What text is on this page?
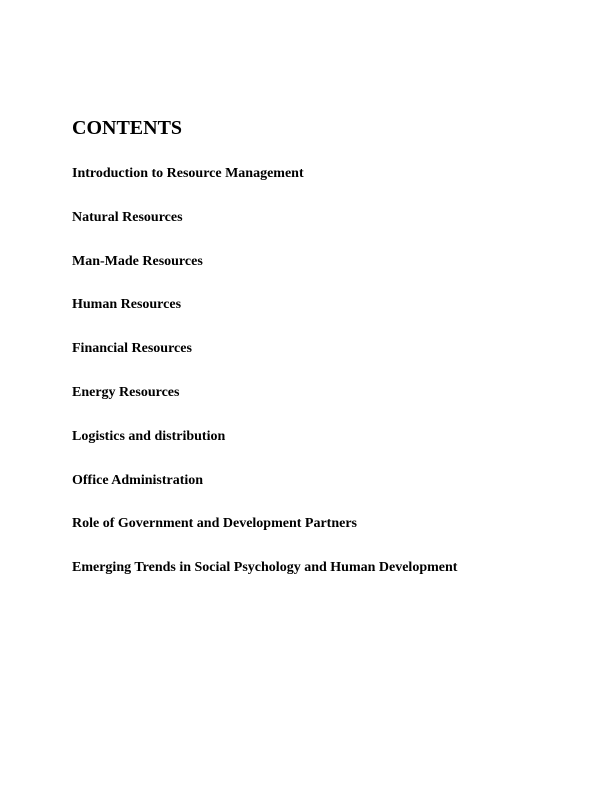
CONTENTS
Introduction to Resource Management
Natural Resources
Man-Made Resources
Human Resources
Financial Resources
Energy Resources
Logistics and distribution
Office Administration
Role of Government and Development Partners
Emerging Trends in Social Psychology and Human Development
